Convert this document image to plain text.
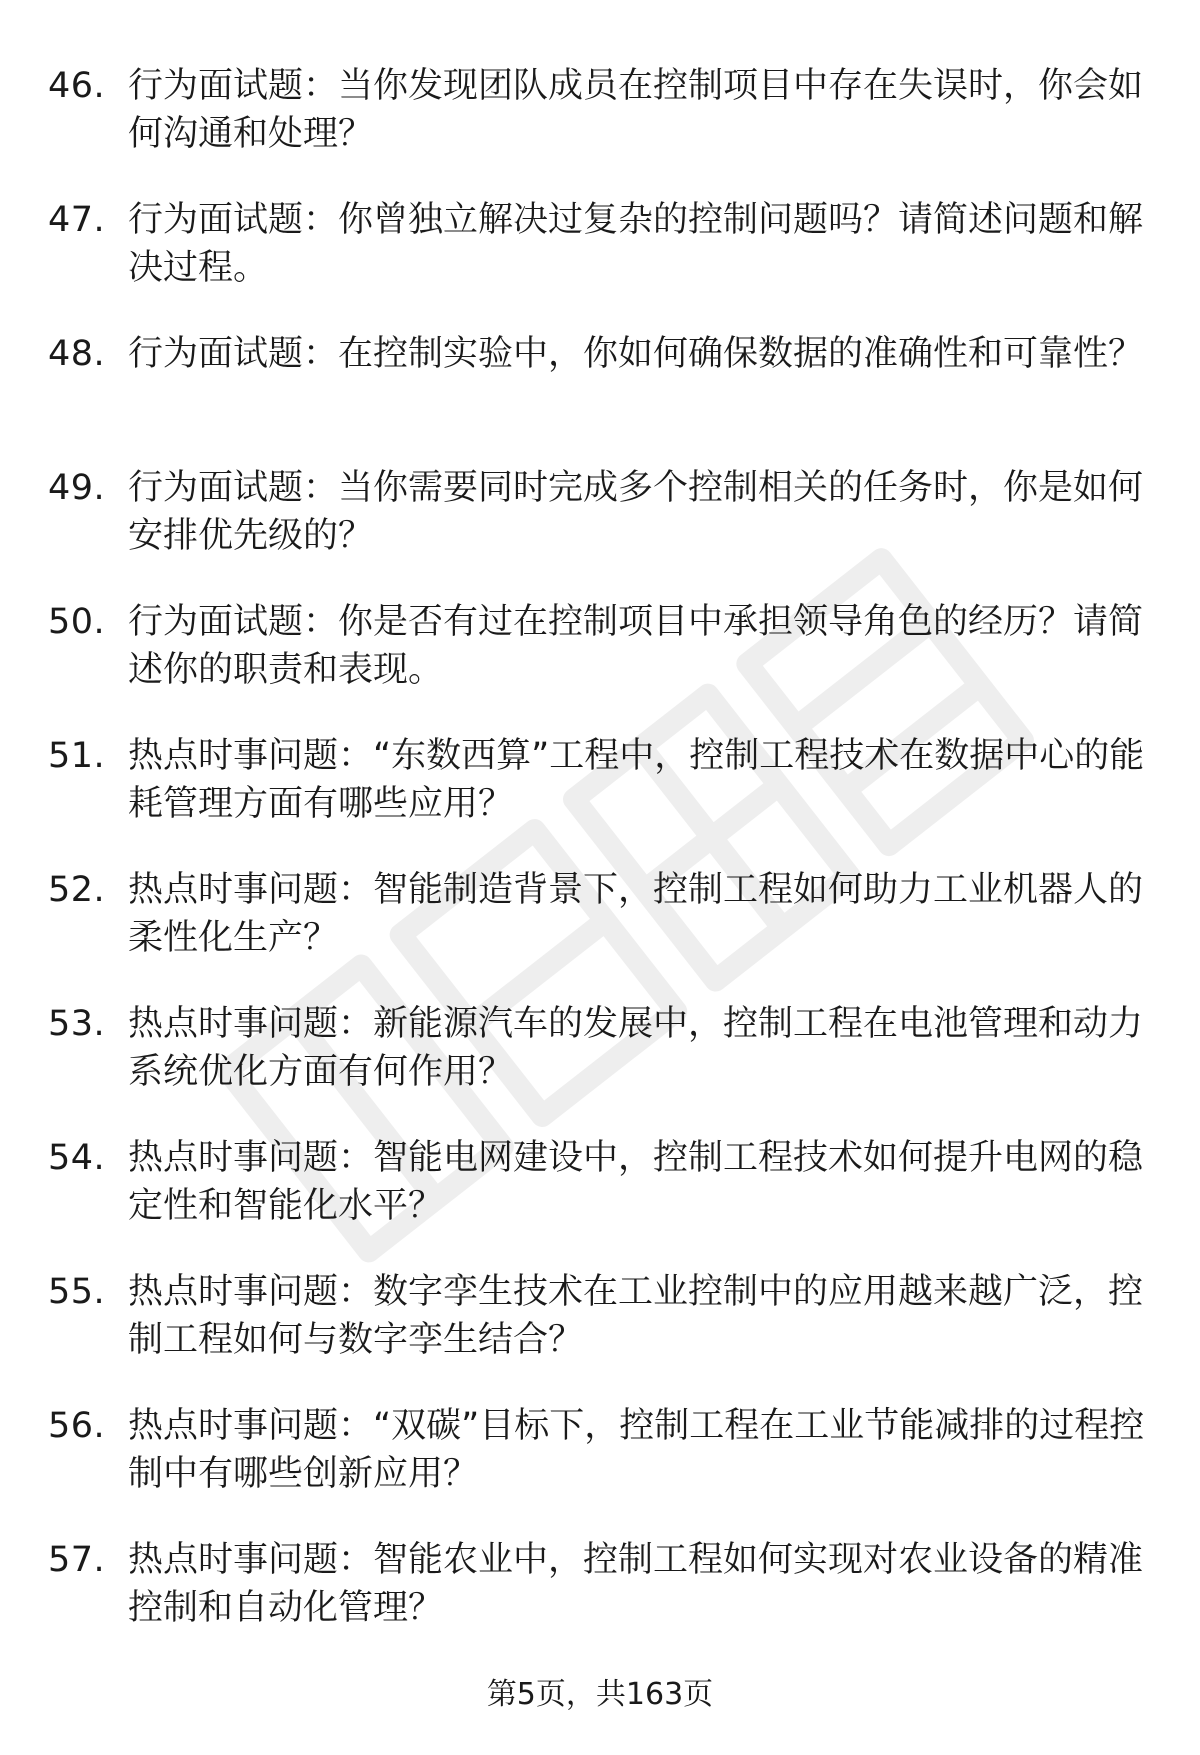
46. 行为面试题：当你发现团队成员在控制项目中存在失误时，你会如何沟通和处理？
47. 行为面试题：你曾独立解决过复杂的控制问题吗？请简述问题和解决过程。
48. 行为面试题：在控制实验中，你如何确保数据的准确性和可靠性？
49. 行为面试题：当你需要同时完成多个控制相关的任务时，你是如何安排优先级的？
50. 行为面试题：你是否有过在控制项目中承担领导角色的经历？请简述你的职责和表现。
51. 热点时事问题：“东数西算”工程中，控制工程技术在数据中心的能耗管理方面有哪些应用？
52. 热点时事问题：智能制造背景下，控制工程如何助力工业机器人的柔性化生产？
53. 热点时事问题：新能源汽车的发展中，控制工程在电池管理和动力系统优化方面有何作用？
54. 热点时事问题：智能电网建设中，控制工程技术如何提升电网的稳定性和智能化水平？
55. 热点时事问题：数字孪生技术在工业控制中的应用越来越广泛，控制工程如何与数字孪生结合？
56. 热点时事问题：“双碳”目标下，控制工程在工业节能减排的过程控制中有哪些创新应用？
57. 热点时事问题：智能农业中，控制工程如何实现对农业设备的精准控制和自动化管理？
第5页，共163页
